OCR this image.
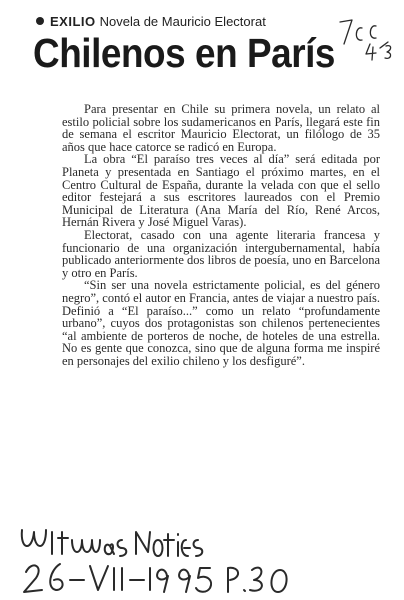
EXILIO Novela de Mauricio Electorat
Chilenos en París

Para presentar en Chile su primera novela, un relato al estilo policial sobre los sudamericanos en París, llegará este fin de semana el escritor Mauricio Electorat, un filólogo de 35 años que hace catorce se radicó en Europa.

La obra “El paraíso tres veces al día” será editada por Planeta y presentada en Santiago el próximo martes, en el Centro Cultural de España, durante la velada con que el sello editor festejará a sus escritores laureados con el Premio Municipal de Literatura (Ana María del Río, René Arcos, Hernán Rivera y José Miguel Varas).

Electorat, casado con una agente literaria francesa y funcionario de una organización intergubernamental, había publicado anteriormente dos libros de poesía, uno en Barcelona y otro en París.

“Sin ser una novela estrictamente policial, es del género negro”, contó el autor en Francia, antes de viajar a nuestro país. Definió a “El paraíso...” como un relato “profundamente urbano”, cuyos dos protagonistas son chilenos pertenecientes “al ambiente de porteros de noche, de hoteles de una estrella. No es gente que conozca, sino que de alguna forma me inspiré en personajes del exilio chileno y los desfiguré”.
